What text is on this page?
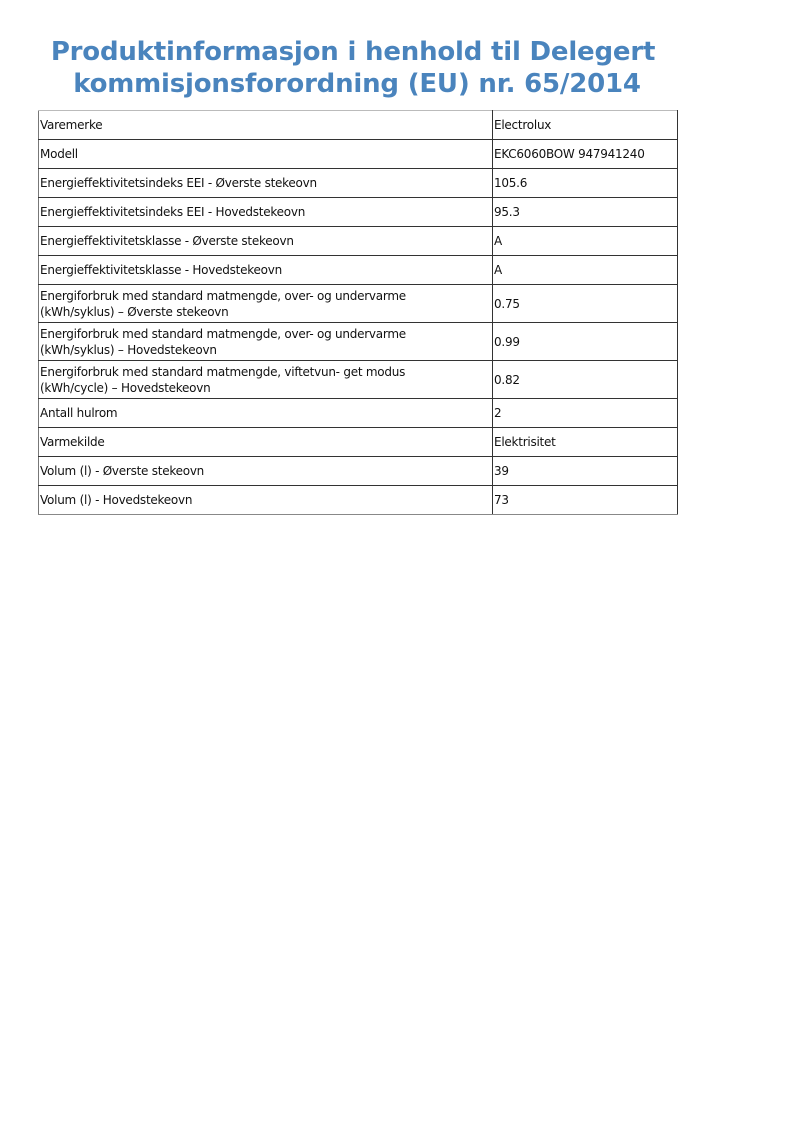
Produktinformasjon i henhold til Delegert
kommisjonsforordning (EU) nr. 65/2014
Varemerke	Electrolux

Modell	EKC6060BOW 947941240

Energieffektivitetsindeks EEI - Øverste stekeovn	105.6

Energieffektivitetsindeks EEI - Hovedstekeovn	95.3

Energieffektivitetsklasse - Øverste stekeovn	A

Energieffektivitetsklasse - Hovedstekeovn	A

Energiforbruk med standard matmengde, over- og undervarme
(kWh/syklus) – Øverste stekeovn	0.75

Energiforbruk med standard matmengde, over- og undervarme
(kWh/syklus) – Hovedstekeovn	0.99

Energiforbruk med standard matmengde, viftetvun- get modus
(kWh/cycle) – Hovedstekeovn	0.82

Antall hulrom	2

Varmekilde	Elektrisitet

Volum (l) - Øverste stekeovn	39

Volum (l) - Hovedstekeovn	73
